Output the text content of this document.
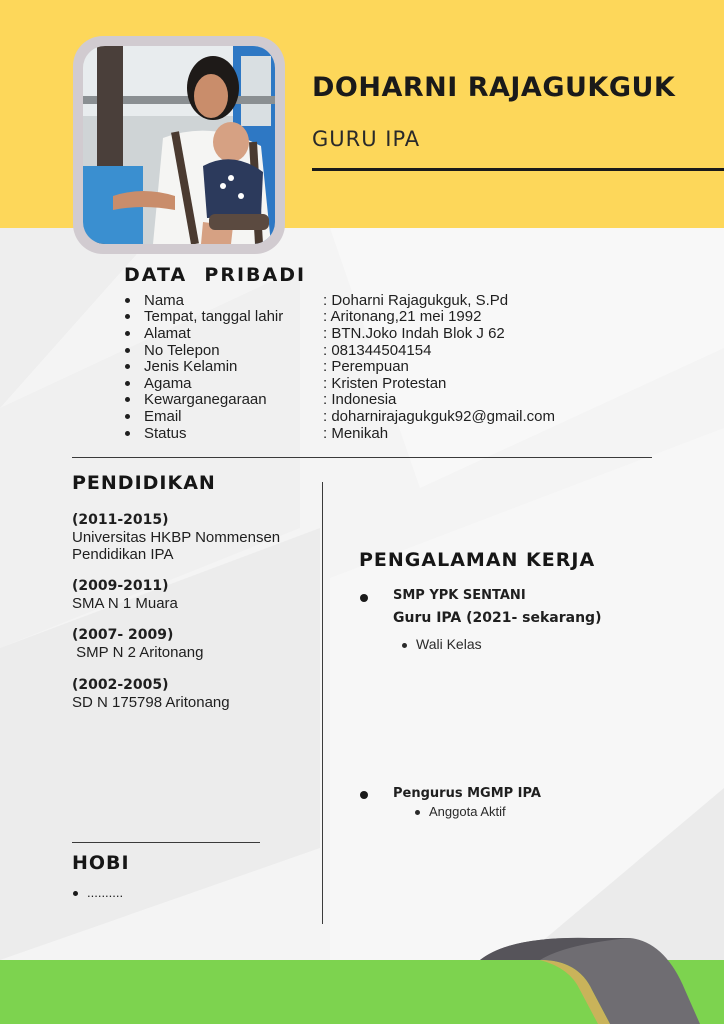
DOHARNI RAJAGUKGUK
GURU IPA
DATA  PRIBADI
Nama	: Doharni Rajagukguk, S.Pd
Tempat, tanggal lahir	: Aritonang,21 mei 1992
Alamat	: BTN.Joko Indah Blok J 62
No Telepon	: 081344504154
Jenis Kelamin	: Perempuan
Agama	: Kristen Protestan
Kewarganegaraan	: Indonesia
Email	: doharnirajagukguk92@gmail.com
Status	: Menikah
PENDIDIKAN
(2011-2015)
Universitas HKBP Nommensen
Pendidikan IPA
(2009-2011)
SMA N 1 Muara
(2007- 2009)
SMP N 2 Aritonang
(2002-2005)
SD N 175798 Aritonang
PENGALAMAN KERJA
SMP YPK SENTANI
Guru IPA (2021- sekarang)
Wali Kelas
Pengurus MGMP IPA
Anggota Aktif
HOBI
..........
